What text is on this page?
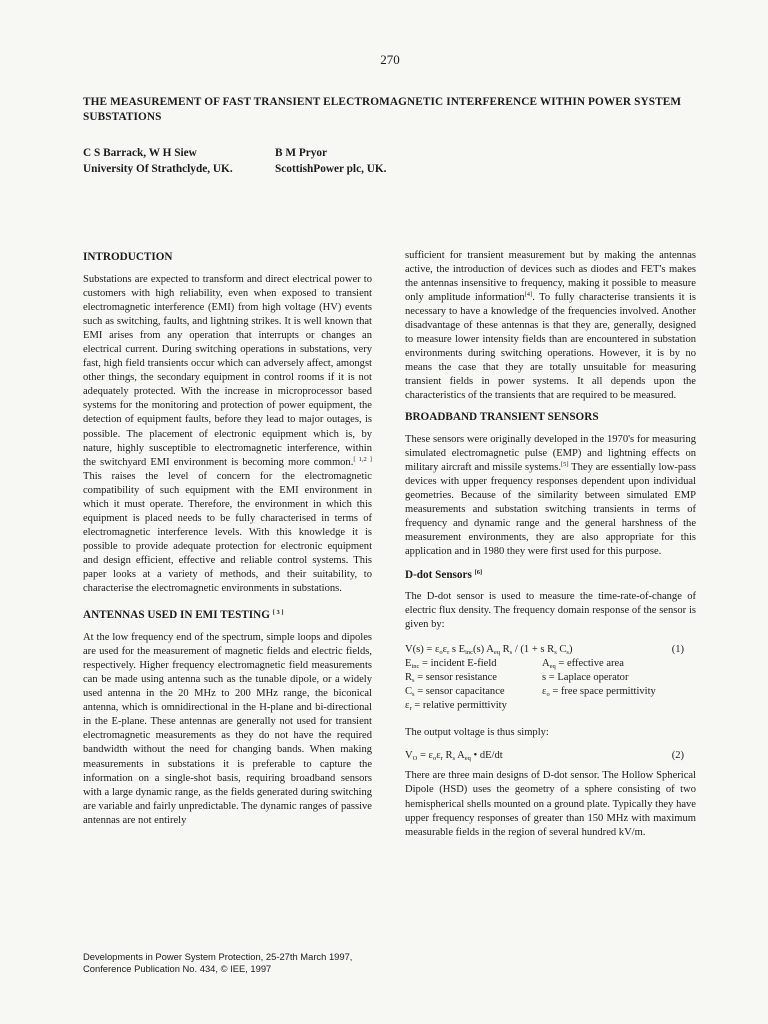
270
THE MEASUREMENT OF FAST TRANSIENT ELECTROMAGNETIC INTERFERENCE WITHIN POWER SYSTEM SUBSTATIONS
C S Barrack, W H Siew
University Of Strathclyde, UK.
B M Pryor
ScottishPower plc, UK.
INTRODUCTION

Substations are expected to transform and direct electrical power to customers with high reliability, even when exposed to transient electromagnetic interference (EMI) from high voltage (HV) events such as switching, faults, and lightning strikes. It is well known that EMI arises from any operation that interrupts or changes an electrical current. During switching operations in substations, very fast, high field transients occur which can adversely affect, amongst other things, the secondary equipment in control rooms if it is not adequately protected. With the increase in microprocessor based systems for the monitoring and protection of power equipment, the detection of equipment faults, before they lead to major outages, is possible. The placement of electronic equipment which is, by nature, highly susceptible to electromagnetic interference, within the switchyard EMI environment is becoming more common.[ 1,2 ] This raises the level of concern for the electromagnetic compatibility of such equipment with the EMI environment in which it must operate. Therefore, the environment in which this equipment is placed needs to be fully characterised in terms of electromagnetic interference levels. With this knowledge it is possible to provide adequate protection for electronic equipment and design efficient, effective and reliable control systems. This paper looks at a variety of methods, and their suitability, to characterise the electromagnetic environments in substations.

ANTENNAS USED IN EMI TESTING [ 3 ]

At the low frequency end of the spectrum, simple loops and dipoles are used for the measurement of magnetic fields and electric fields, respectively. Higher frequency electromagnetic field measurements can be made using antenna such as the tunable dipole, or a widely used antenna in the 20 MHz to 200 MHz range, the biconical antenna, which is omnidirectional in the H-plane and bi-directional in the E-plane. These antennas are generally not used for transient electromagnetic measurements as they do not have the required bandwidth without the need for changing bands. When making measurements in substations it is preferable to capture the information on a single-shot basis, requiring broadband sensors with a large dynamic range, as the fields generated during switching are variable and fairly unpredictable. The dynamic ranges of passive antennas are not entirely

sufficient for transient measurement but by making the antennas active, the introduction of devices such as diodes and FET's makes the antennas insensitive to frequency, making it possible to measure only amplitude information[4]. To fully characterise transients it is necessary to have a knowledge of the frequencies involved. Another disadvantage of these antennas is that they are, generally, designed to measure lower intensity fields than are encountered in substation environments during switching operations. However, it is by no means the case that they are totally unsuitable for measuring transient fields in power systems. It all depends upon the characteristics of the transients that are required to be measured.

BROADBAND TRANSIENT SENSORS

These sensors were originally developed in the 1970's for measuring simulated electromagnetic pulse (EMP) and lightning effects on military aircraft and missile systems.[5] They are essentially low-pass devices with upper frequency responses dependent upon individual geometries. Because of the similarity between simulated EMP measurements and substation switching transients in terms of frequency and dynamic range and the general harshness of the measurement environments, they are also appropriate for this application and in 1980 they were first used for this purpose.

D-dot Sensors [6]

The D-dot sensor is used to measure the time-rate-of-change of electric flux density. The frequency domain response of the sensor is given by:

$V(s) = \varepsilon_o\varepsilon_r$ s $E_{inc}(s)$ $A_{eq}$ $R_s / (1 + s$ $R_s$ $C_s$)	(1)
$E_{inc}$ = incident E-field	$A_{eq}$ = effective area
$R_s$ = sensor resistance	s = Laplace operator
$C_s$ = sensor capacitance	$\varepsilon_o$ = free space permittivity
$\varepsilon_r$ = relative permittivity

The output voltage is thus simply:

$V_O = \varepsilon_o\varepsilon_r$ $R_s$ $A_{eq}$ • dE/dt	(2)

There are three main designs of D-dot sensor. The Hollow Spherical Dipole (HSD) uses the geometry of a sphere consisting of two hemispherical shells mounted on a ground plate. Typically they have upper frequency responses of greater than 150 MHz with maximum measurable fields in the region of several hundred kV/m.

Developments in Power System Protection, 25-27th March 1997,
Conference Publication No. 434, © IEE, 1997
